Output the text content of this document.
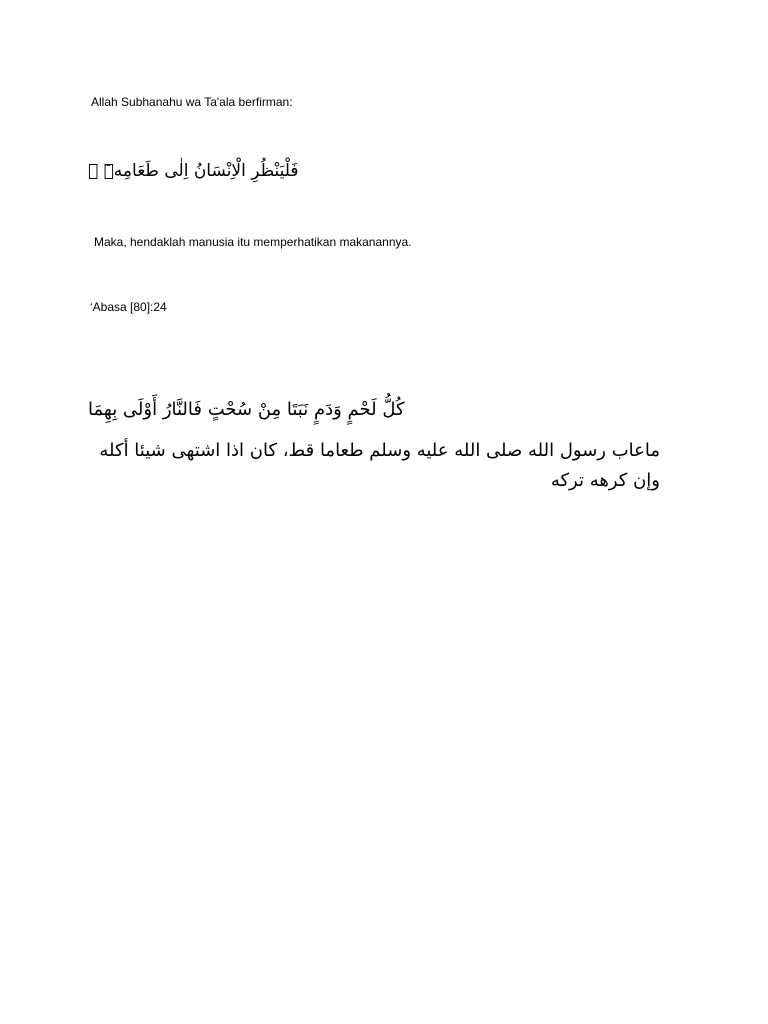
Allah Subhanahu wa Ta'ala berfirman:
فَلْيَنْظُرِ الْاِنْسَانُ اِلٰى طَعَامِهٖٓ ۙ
Maka, hendaklah manusia itu memperhatikan makanannya.
‘Abasa [80]:24
كُلُّ لَحْمٍ وَدَمٍ نَبَتَا مِنْ سُحْتٍ فَالنَّارُ أَوْلَى بِهِمَا
ماعاب رسول الله صلى الله عليه وسلم طعاما قط، كان اذا اشتهى شيئا أكله وإن كرهه تركه
